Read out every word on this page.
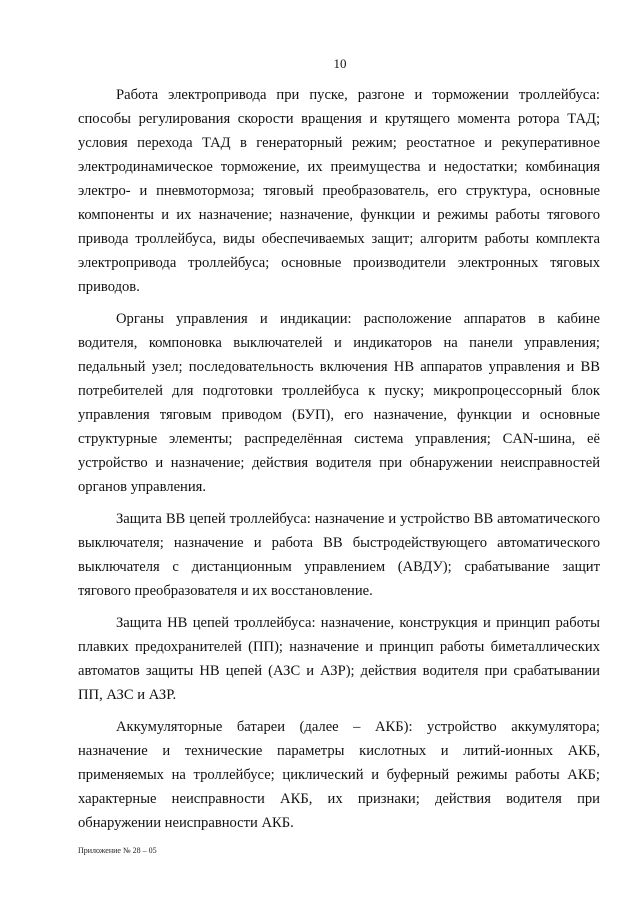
10

Работа электропривода при пуске, разгоне и торможении троллейбуса: способы регулирования скорости вращения и крутящего момента ротора ТАД; условия перехода ТАД в генераторный режим; реостатное и рекуперативное электродинамическое торможение, их преимущества и недостатки; комбинация электро- и пневмотормоза; тяговый преобразователь, его структура, основные компоненты и их назначение; назначение, функции и режимы работы тягового привода троллейбуса, виды обеспечиваемых защит; алгоритм работы комплекта электропривода троллейбуса; основные производители электронных тяговых приводов.

Органы управления и индикации: расположение аппаратов в кабине водителя, компоновка выключателей и индикаторов на панели управления; педальный узел; последовательность включения НВ аппаратов управления и ВВ потребителей для подготовки троллейбуса к пуску; микропроцессорный блок управления тяговым приводом (БУП), его назначение, функции и основные структурные элементы; распределённая система управления; CAN-шина, её устройство и назначение; действия водителя при обнаружении неисправностей органов управления.

Защита ВВ цепей троллейбуса: назначение и устройство ВВ автоматического выключателя; назначение и работа ВВ быстродействующего автоматического выключателя с дистанционным управлением (АВДУ); срабатывание защит тягового преобразователя и их восстановление.

Защита НВ цепей троллейбуса: назначение, конструкция и принцип работы плавких предохранителей (ПП); назначение и принцип работы биметаллических автоматов защиты НВ цепей (АЗС и АЗР); действия водителя при срабатывании ПП, АЗС и АЗР.

Аккумуляторные батареи (далее – АКБ): устройство аккумулятора; назначение и технические параметры кислотных и литий-ионных АКБ, применяемых на троллейбусе; циклический и буферный режимы работы АКБ; характерные неисправности АКБ, их признаки; действия водителя при обнаружении неисправности АКБ.

Приложение № 28 – 05
